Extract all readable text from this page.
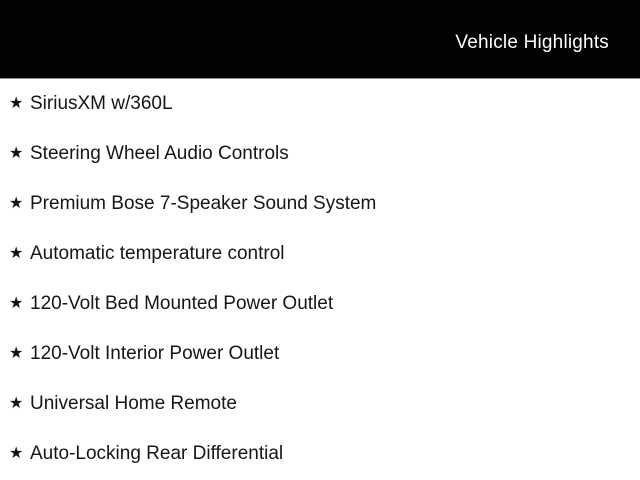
Vehicle Highlights
★ SiriusXM w/360L
★ Steering Wheel Audio Controls
★ Premium Bose 7-Speaker Sound System
★ Automatic temperature control
★ 120-Volt Bed Mounted Power Outlet
★ 120-Volt Interior Power Outlet
★ Universal Home Remote
★ Auto-Locking Rear Differential
